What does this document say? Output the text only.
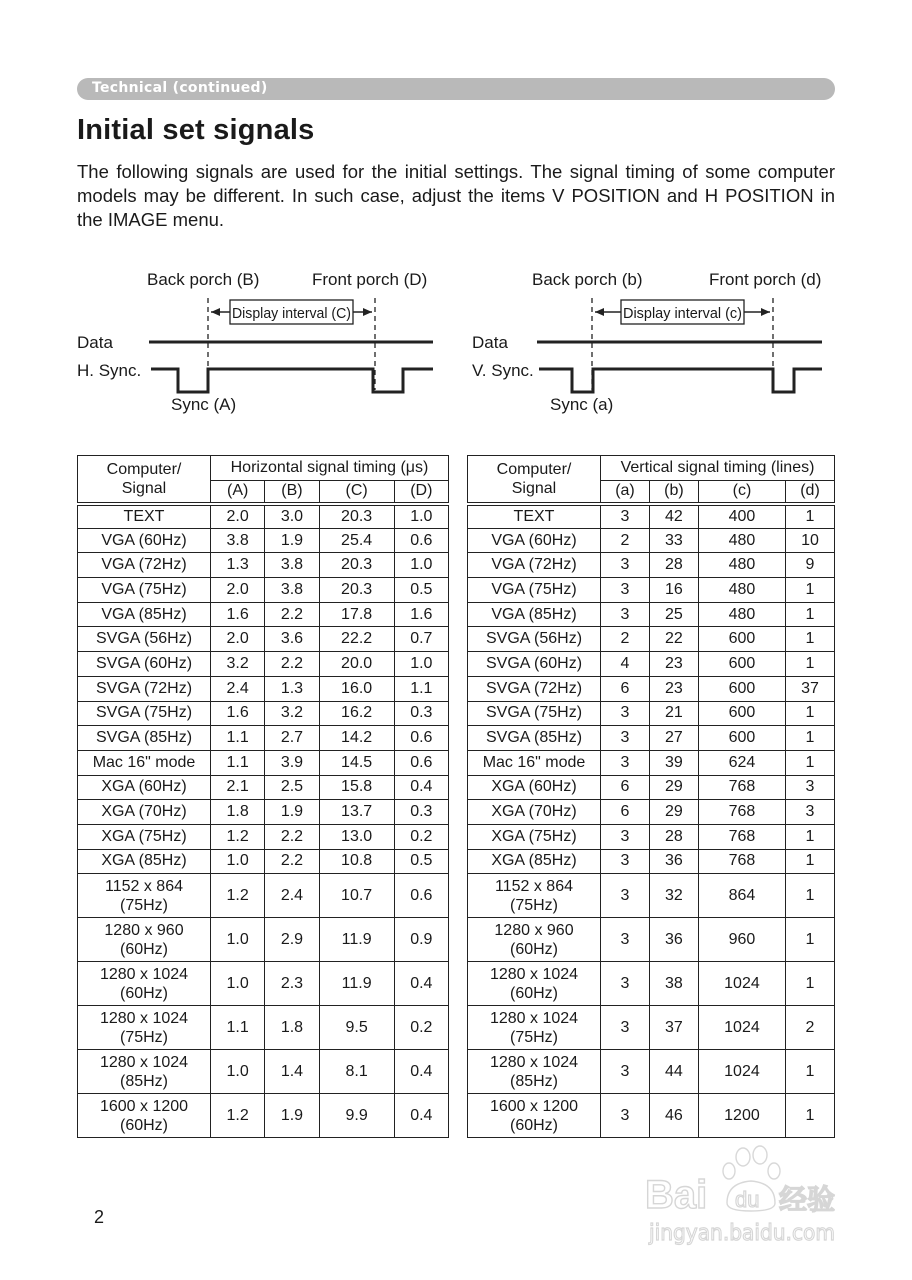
Technical (continued)
Initial set signals

The following signals are used for the initial settings. The signal timing of some computer models may be different. In such case, adjust the items V POSITION and H POSITION in the IMAGE menu.

Back porch (B)	Front porch (D)
Display interval (C)
Data
H. Sync.
Sync (A)
Back porch (b)	Front porch (d)
Display interval (c)
Data
V. Sync.
Sync (a)
Computer/
Signal	Horizontal signal timing (μs)			
	(A)	(B)	(C)	(D)
TEXT	2.0	3.0	20.3	1.0
VGA (60Hz)	3.8	1.9	25.4	0.6
VGA (72Hz)	1.3	3.8	20.3	1.0
VGA (75Hz)	2.0	3.8	20.3	0.5
VGA (85Hz)	1.6	2.2	17.8	1.6
SVGA (56Hz)	2.0	3.6	22.2	0.7
SVGA (60Hz)	3.2	2.2	20.0	1.0
SVGA (72Hz)	2.4	1.3	16.0	1.1
SVGA (75Hz)	1.6	3.2	16.2	0.3
SVGA (85Hz)	1.1	2.7	14.2	0.6
Mac 16" mode	1.1	3.9	14.5	0.6
XGA (60Hz)	2.1	2.5	15.8	0.4
XGA (70Hz)	1.8	1.9	13.7	0.3
XGA (75Hz)	1.2	2.2	13.0	0.2
XGA (85Hz)	1.0	2.2	10.8	0.5
1152 x 864
(75Hz)	1.2	2.4	10.7	0.6
1280 x 960
(60Hz)	1.0	2.9	11.9	0.9
1280 x 1024
(60Hz)	1.0	2.3	11.9	0.4
1280 x 1024
(75Hz)	1.1	1.8	9.5	0.2
1280 x 1024
(85Hz)	1.0	1.4	8.1	0.4
1600 x 1200
(60Hz)	1.2	1.9	9.9	0.4
Computer/
Signal	Vertical signal timing (lines)			
	(a)	(b)	(c)	(d)
TEXT	3	42	400	1
VGA (60Hz)	2	33	480	10
VGA (72Hz)	3	28	480	9
VGA (75Hz)	3	16	480	1
VGA (85Hz)	3	25	480	1
SVGA (56Hz)	2	22	600	1
SVGA (60Hz)	4	23	600	1
SVGA (72Hz)	6	23	600	37
SVGA (75Hz)	3	21	600	1
SVGA (85Hz)	3	27	600	1
Mac 16" mode	3	39	624	1
XGA (60Hz)	6	29	768	3
XGA (70Hz)	6	29	768	3
XGA (75Hz)	3	28	768	1
XGA (85Hz)	3	36	768	1
1152 x 864
(75Hz)	3	32	864	1
1280 x 960
(60Hz)	3	36	960	1
1280 x 1024
(60Hz)	3	38	1024	1
1280 x 1024
(75Hz)	3	37	1024	2
1280 x 1024
(85Hz)	3	44	1024	1
1600 x 1200
(60Hz)	3	46	1200	1
2	Bai du 经验
jingyan.baidu.com
